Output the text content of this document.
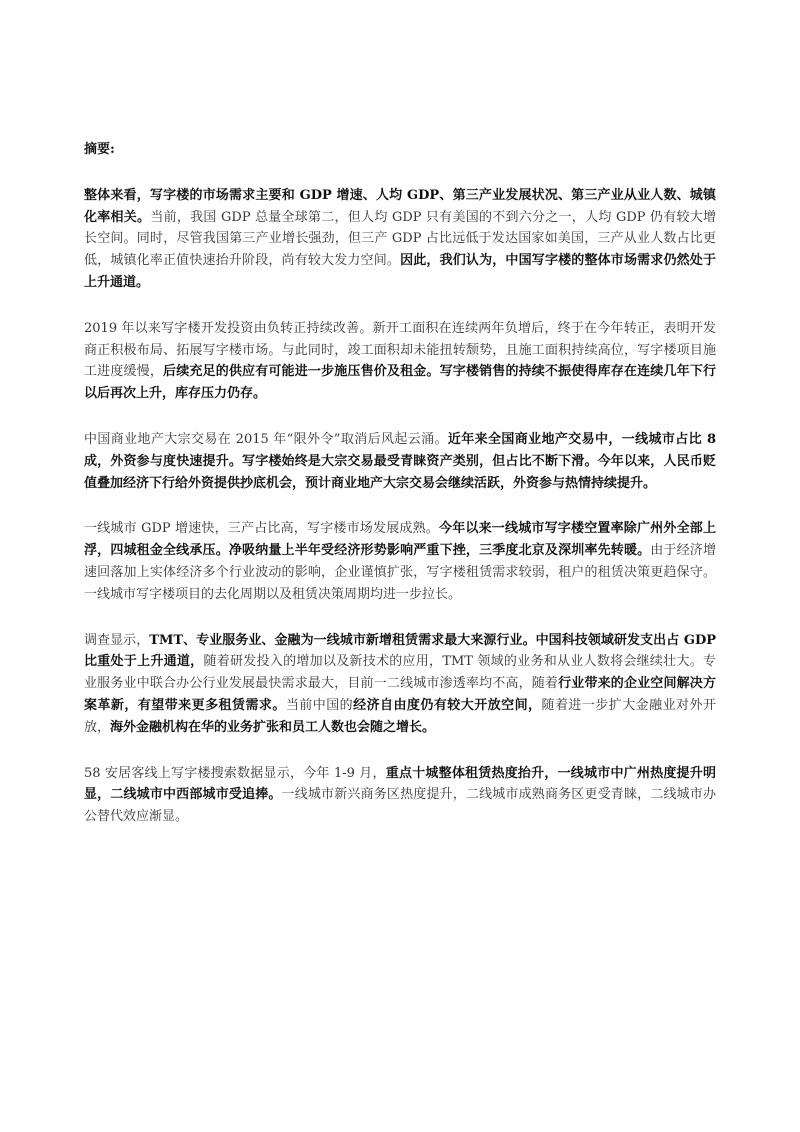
摘要:

整体来看，写字楼的市场需求主要和 GDP 增速、人均 GDP、第三产业发展状况、第三产业从业人数、城镇化率相关。当前，我国 GDP 总量全球第二，但人均 GDP 只有美国的不到六分之一，人均 GDP 仍有较大增长空间。同时，尽管我国第三产业增长强劲，但三产 GDP 占比远低于发达国家如美国，三产从业人数占比更低，城镇化率正值快速抬升阶段，尚有较大发力空间。因此，我们认为，中国写字楼的整体市场需求仍然处于上升通道。

2019 年以来写字楼开发投资由负转正持续改善。新开工面积在连续两年负增后，终于在今年转正，表明开发商正积极布局、拓展写字楼市场。与此同时，竣工面积却未能扭转颓势，且施工面积持续高位，写字楼项目施工进度缓慢，后续充足的供应有可能进一步施压售价及租金。写字楼销售的持续不振使得库存在连续几年下行以后再次上升，库存压力仍存。

中国商业地产大宗交易在 2015 年“限外令”取消后风起云涌。近年来全国商业地产交易中，一线城市占比 8 成，外资参与度快速提升。写字楼始终是大宗交易最受青睐资产类别，但占比不断下滑。今年以来，人民币贬值叠加经济下行给外资提供抄底机会，预计商业地产大宗交易会继续活跃，外资参与热情持续提升。

一线城市 GDP 增速快，三产占比高，写字楼市场发展成熟。今年以来一线城市写字楼空置率除广州外全部上浮，四城租金全线承压。净吸纳量上半年受经济形势影响严重下挫，三季度北京及深圳率先转暖。由于经济增速回落加上实体经济多个行业波动的影响，企业谨慎扩张，写字楼租赁需求较弱，租户的租赁决策更趋保守。一线城市写字楼项目的去化周期以及租赁决策周期均进一步拉长。

调查显示，TMT、专业服务业、金融为一线城市新增租赁需求最大来源行业。中国科技领域研发支出占 GDP 比重处于上升通道，随着研发投入的增加以及新技术的应用，TMT 领域的业务和从业人数将会继续壮大。专业服务业中联合办公行业发展最快需求最大，目前一二线城市渗透率均不高，随着行业带来的企业空间解决方案革新，有望带来更多租赁需求。当前中国的经济自由度仍有较大开放空间，随着进一步扩大金融业对外开放，海外金融机构在华的业务扩张和员工人数也会随之增长。

58 安居客线上写字楼搜索数据显示，今年 1-9 月，重点十城整体租赁热度抬升，一线城市中广州热度提升明显，二线城市中西部城市受追捧。一线城市新兴商务区热度提升，二线城市成熟商务区更受青睐，二线城市办公替代效应渐显。
